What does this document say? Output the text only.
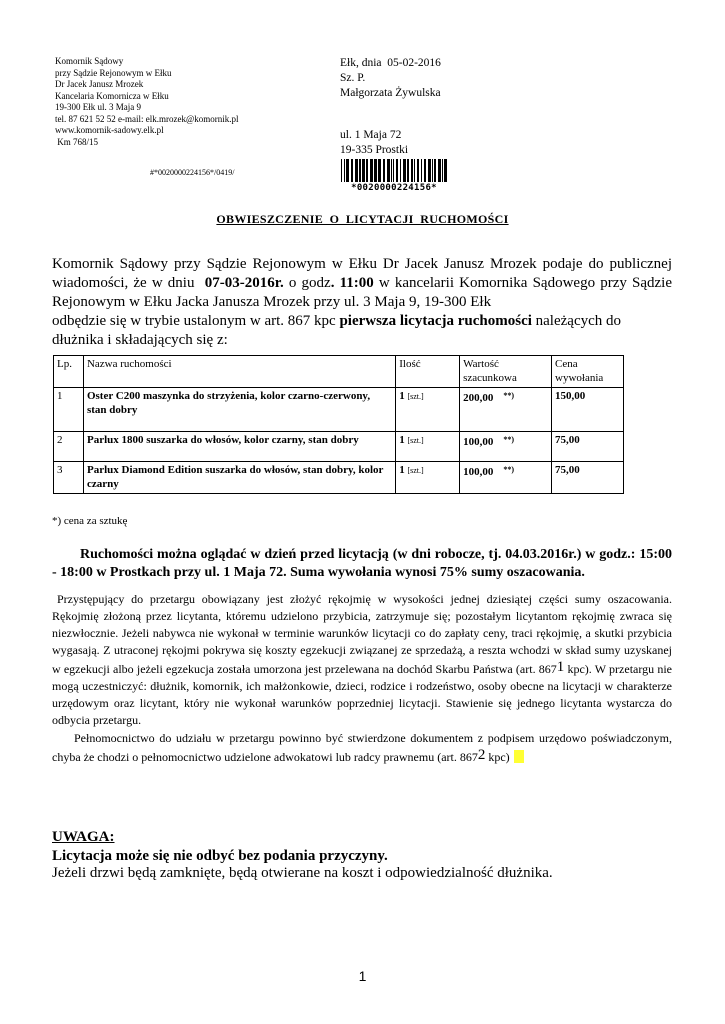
Komornik Sądowy
przy Sądzie Rejonowym w Ełku
Dr Jacek Janusz Mrozek
Kancelaria Komornicza w Ełku
19-300 Ełk ul. 3 Maja 9
tel. 87 621 52 52 e-mail: elk.mrozek@komornik.pl
www.komornik-sadowy.elk.pl
Km 768/15
Ełk, dnia  05-02-2016
Sz. P.
Małgorzata Żywulska
ul. 1 Maja 72
19-335 Prostki
#*0020000224156*/0419/
*0020000224156*
OBWIESZCZENIE  O  LICYTACJI  RUCHOMOŚCI

Komornik Sądowy przy Sądzie Rejonowym w Ełku Dr Jacek Janusz Mrozek podaje do publicznej wiadomości, że w dniu  07-03-2016r. o godz. 11:00 w kancelarii Komornika Sądowego przy Sądzie Rejonowym w Ełku Jacka Janusza Mrozek przy ul. 3 Maja 9, 19-300 Ełk

odbędzie się w trybie ustalonym w art. 867 kpc pierwsza licytacja ruchomości należących do dłużnika i składających się z:

Lp.	Nazwa ruchomości	Ilość	Wartość szacunkowa	Cena wywołania
1	Oster C200 maszynka do strzyżenia, kolor czarno-czerwony, stan dobry	1 [szt.]	200,00 **)	150,00
2	Parlux 1800 suszarka do włosów, kolor czarny, stan dobry	1 [szt.]	100,00 **)	75,00
3	Parlux Diamond Edition suszarka do włosów, stan dobry, kolor czarny	1 [szt.]	100,00 **)	75,00
*) cena za sztukę
Ruchomości można oglądać w dzień przed licytacją (w dni robocze, tj. 04.03.2016r.) w godz.: 15:00 - 18:00 w Prostkach przy ul. 1 Maja 72. Suma wywołania wynosi 75% sumy oszacowania.

Przystępujący do przetargu obowiązany jest złożyć rękojmię w wysokości jednej dziesiątej części sumy oszacowania. Rękojmię złożoną przez licytanta, któremu udzielono przybicia, zatrzymuje się; pozostałym licytantom rękojmię zwraca się niezwłocznie. Jeżeli nabywca nie wykonał w terminie warunków licytacji co do zapłaty ceny, traci rękojmię, a skutki przybicia wygasają. Z utraconej rękojmi pokrywa się koszty egzekucji związanej ze sprzedażą, a reszta wchodzi w skład sumy uzyskanej w egzekucji albo jeżeli egzekucja została umorzona jest przelewana na dochód Skarbu Państwa (art. 8671 kpc). W przetargu nie mogą uczestniczyć: dłużnik, komornik, ich małżonkowie, dzieci, rodzice i rodzeństwo, osoby obecne na licytacji w charakterze urzędowym oraz licytant, który nie wykonał warunków poprzedniej licytacji. Stawienie się jednego licytanta wystarcza do odbycia przetargu.

Pełnomocnictwo do udziału w przetargu powinno być stwierdzone dokumentem z podpisem urzędowo poświadczonym, chyba że chodzi o pełnomocnictwo udzielone adwokatowi lub radcy prawnemu (art. 8672 kpc)

UWAGA:
Licytacja może się nie odbyć bez podania przyczyny.
Jeżeli drzwi będą zamknięte, będą otwierane na koszt i odpowiedzialność dłużnika.
1
